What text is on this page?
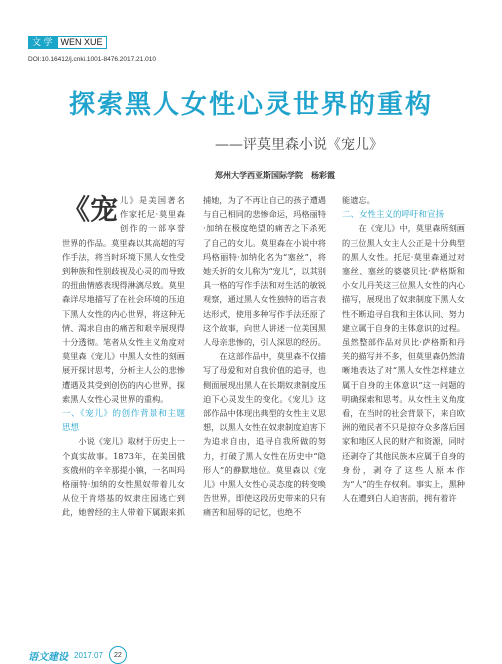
文 学 WEN XUE
DOI:10.16412/j.cnki.1001-8476.2017.21.010
探索黑人女性心灵世界的重构
——评莫里森小说《宠儿》
郑州大学西亚斯国际学院　杨彩霞

《宠儿》是美国著名作家托尼·莫里森创作的一部享誉世界的作品。莫里森以其高超的写作手法，将当时环境下黑人女性受到种族和性别歧视及心灵的而导致的扭曲情感表现得淋漓尽致。莫里森详尽地描写了在社会环境的压迫下黑人女性的内心世界，将这种无情、渴求自由的痛苦和艰辛展现得十分透彻。笔者从女性主义角度对莫里森《宠儿》中黑人女性的刻画展开探讨思考，分析主人公的悲惨遭遇及其受到创伤的内心世界，探索黑人女性心灵世界的重构。

一、《宠儿》的创作背景和主题思想

小说《宠儿》取材于历史上一个真实故事。1873年，在美国俄亥俄州的辛辛那提小镇，一名叫玛格丽特·加纳的女性黑奴带着儿女从位于肯塔基的奴隶庄园逃亡到此，她曾经的主人带着下属跟来抓

捕她，为了不再让自己的孩子遭遇与自己相同的悲惨命运，玛格丽特·加纳在极度绝望的痛苦之下杀死了自己的女儿。莫里森在小说中将玛格丽特·加纳化名为“塞丝”，将她夭折的女儿称为“宠儿”，以其别具一格的写作手法和对生活的敏锐观察，通过黑人女性独特的语言表达形式，使用多种写作手法还原了这个故事，向世人讲述一位美国黑人母亲悲惨的，引人深思的经历。

在这部作品中，莫里森不仅描写了母爱和对自我价值的追寻，也侧面展现出黑人在长期奴隶制度压迫下心灵发生的变化。《宠儿》这部作品中体现出典型的女性主义思想，以黑人女性在奴隶制度迫害下为追求自由，追寻自我所做的努力，打破了黑人女性在历史中“隐形人”的静默地位。莫里森以《宠儿》中黑人女性心灵态度的转变唤告世界，即使这段历史带来的只有痛苦和屈辱的记忆，也绝不

能遗忘。

二、女性主义的呼吁和宣扬

在《宠儿》中，莫里森所刻画的三位黑人女主人公正是十分典型的黑人女性。托尼·莫里森通过对塞丝、塞丝的婆婆贝比·萨格斯和小女儿丹芙这三位黑人女性的内心描写，展现出了奴隶制度下黑人女性不断追寻自我和主体认同、努力建立属于自身的主体意识的过程。虽然整部作品对贝比·萨格斯和丹芙的描写并不多，但莫里森仍然清晰地表达了对“黑人女性怎样建立属于自身的主体意识”这一问题的明确探索和思考。从女性主义角度看，在当时的社会背景下，来自欧洲的殖民者不只是掠夺众多落后国家和地区人民的财产和资源，同时还剥夺了其他民族本应属于自身的身份，剥夺了这些人原本作为“人”的生存权利。事实上，黑种人在遭到白人迫害前，拥有着许

语文建设 2017.07	22
